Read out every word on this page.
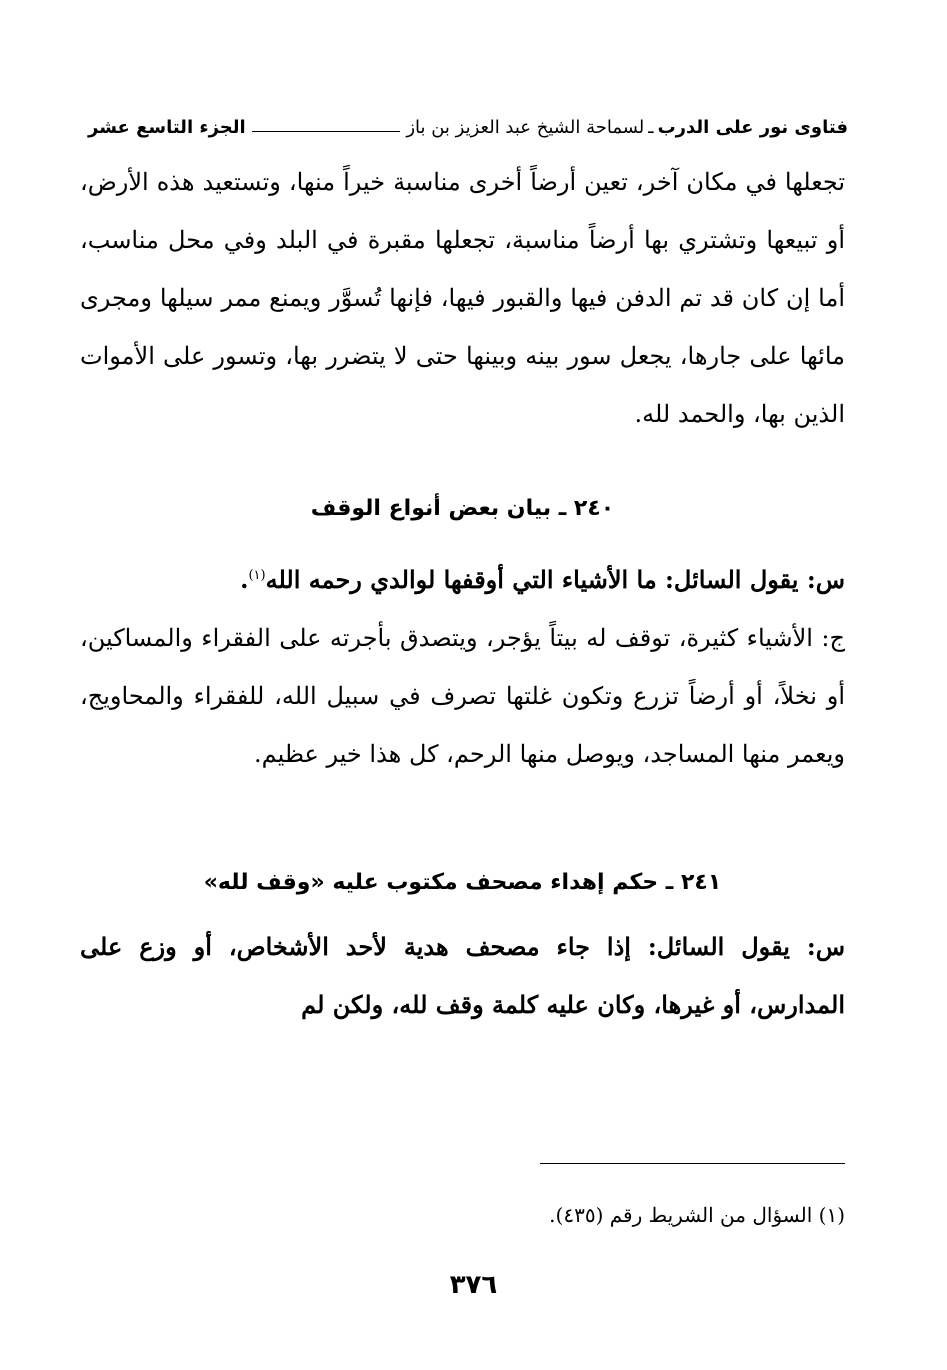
فتاوى نور على الدرب
ـ
لسماحة الشيخ عبد العزيز بن باز
الجزء التاسع عشر
تجعلها في مكان آخر، تعين أرضاً أخرى مناسبة خيراً منها، وتستعيد هذه الأرض، أو تبيعها وتشتري بها أرضاً مناسبة، تجعلها مقبرة في البلد وفي محل مناسب، أما إن كان قد تم الدفن فيها والقبور فيها، فإنها تُسوَّر ويمنع ممر سيلها ومجرى مائها على جارها، يجعل سور بينه وبينها حتى لا يتضرر بها، وتسور على الأموات الذين بها، والحمد لله.
٢٤٠ ـ بيان بعض أنواع الوقف
س: يقول السائل: ما الأشياء التي أوقفها لوالدي رحمه الله$^{(١)}$.
ج: الأشياء كثيرة، توقف له بيتاً يؤجر، ويتصدق بأجرته على الفقراء والمساكين، أو نخلاً، أو أرضاً تزرع وتكون غلتها تصرف في سبيل الله، للفقراء والمحاويج، ويعمر منها المساجد، ويوصل منها الرحم، كل هذا خير عظيم.
٢٤١ ـ حكم إهداء مصحف مكتوب عليه «وقف لله»
س: يقول السائل: إذا جاء مصحف هدية لأحد الأشخاص، أو وزع على المدارس، أو غيرها، وكان عليه كلمة وقف لله، ولكن لم
(١) السؤال من الشريط رقم (٤٣٥).
٣٧٦
